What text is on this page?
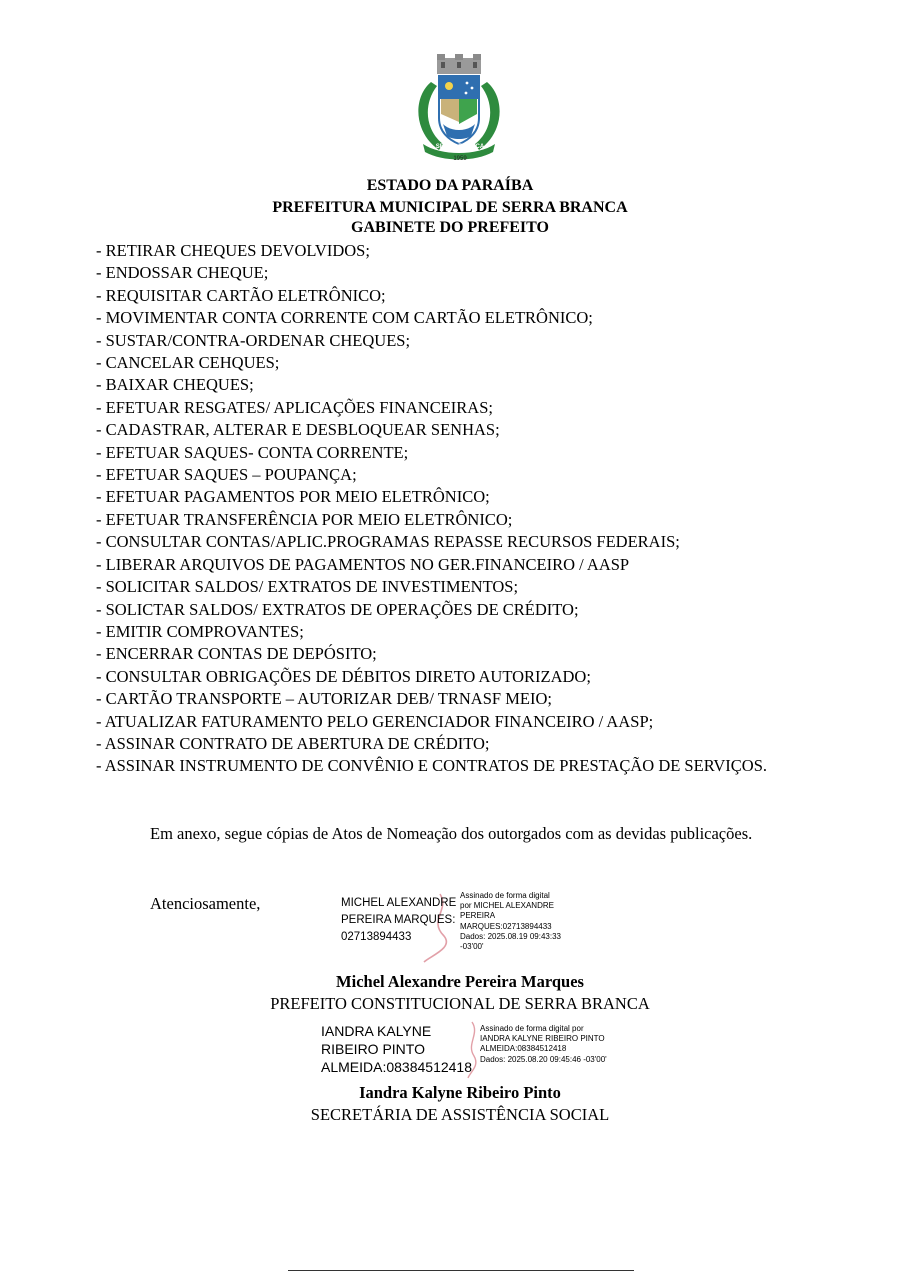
SERRA BRANCA
1959
ESTADO DA PARAÍBA
PREFEITURA MUNICIPAL DE SERRA BRANCA
GABINETE DO PREFEITO
- RETIRAR CHEQUES DEVOLVIDOS;
- ENDOSSAR CHEQUE;
- REQUISITAR CARTÃO ELETRÔNICO;
- MOVIMENTAR CONTA CORRENTE COM CARTÃO ELETRÔNICO;
- SUSTAR/CONTRA-ORDENAR CHEQUES;
- CANCELAR CEHQUES;
- BAIXAR CHEQUES;
- EFETUAR RESGATES/ APLICAÇÕES FINANCEIRAS;
- CADASTRAR, ALTERAR E DESBLOQUEAR SENHAS;
- EFETUAR SAQUES- CONTA CORRENTE;
- EFETUAR SAQUES – POUPANÇA;
- EFETUAR PAGAMENTOS POR MEIO ELETRÔNICO;
- EFETUAR TRANSFERÊNCIA POR MEIO ELETRÔNICO;
- CONSULTAR CONTAS/APLIC.PROGRAMAS REPASSE RECURSOS FEDERAIS;
- LIBERAR ARQUIVOS DE PAGAMENTOS NO GER.FINANCEIRO / AASP
- SOLICITAR SALDOS/ EXTRATOS DE INVESTIMENTOS;
- SOLICTAR SALDOS/ EXTRATOS DE OPERAÇÕES DE CRÉDITO;
- EMITIR COMPROVANTES;
- ENCERRAR CONTAS DE DEPÓSITO;
- CONSULTAR OBRIGAÇÕES DE DÉBITOS DIRETO AUTORIZADO;
- CARTÃO TRANSPORTE – AUTORIZAR DEB/ TRNASF MEIO;
- ATUALIZAR FATURAMENTO PELO GERENCIADOR FINANCEIRO / AASP;
- ASSINAR CONTRATO DE ABERTURA DE CRÉDITO;
- ASSINAR INSTRUMENTO DE CONVÊNIO E CONTRATOS DE PRESTAÇÃO DE SERVIÇOS.
Em anexo, segue cópias de Atos de Nomeação dos outorgados com as devidas publicações.
Atenciosamente,	MICHEL ALEXANDRE PEREIRA MARQUES:02713894433
Assinado de forma digital
por MICHEL ALEXANDRE
PEREIRA
MARQUES:02713894433
Dados: 2025.08.19 09:43:33
-03'00'
Michel Alexandre Pereira Marques
PREFEITO CONSTITUCIONAL DE SERRA BRANCA
IANDRA KALYNE
RIBEIRO PINTO
ALMEIDA:08384512418
Assinado de forma digital por
IANDRA KALYNE RIBEIRO PINTO
ALMEIDA:08384512418
Dados: 2025.08.20 09:45:46 -03'00'
Iandra Kalyne Ribeiro Pinto
SECRETÁRIA DE ASSISTÊNCIA SOCIAL
